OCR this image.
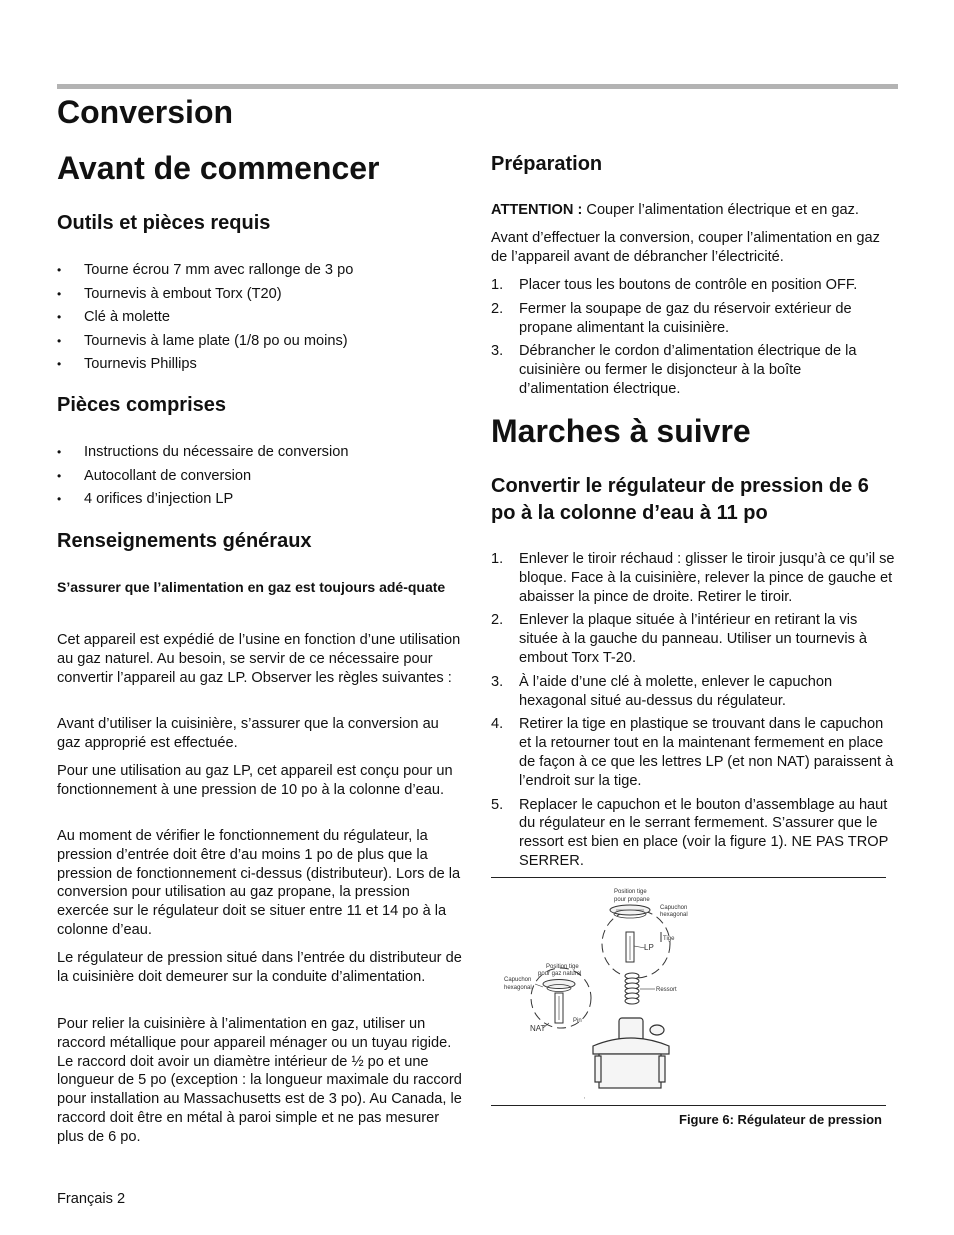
Conversion
Avant de commencer
Outils et pièces requis
• Tourne écrou 7 mm avec rallonge de 3 po
• Tournevis à embout Torx (T20)
• Clé à molette
• Tournevis à lame plate (1/8 po ou moins)
• Tournevis Phillips
Pièces comprises
• Instructions du nécessaire de conversion
• Autocollant de conversion
• 4 orifices d’injection LP
Renseignements généraux
S’assurer que l’alimentation en gaz est toujours adé-quate

Cet appareil est expédié de l’usine en fonction d’une utilisation au gaz naturel. Au besoin, se servir de ce nécessaire pour convertir l’appareil au gaz LP. Observer les règles suivantes :

Avant d’utiliser la cuisinière, s’assurer que la conversion au gaz approprié est effectuée.

Pour une utilisation au gaz LP, cet appareil est conçu pour un fonctionnement à une pression de 10 po à la colonne d’eau.

Au moment de vérifier le fonctionnement du régulateur, la pression d’entrée doit être d’au moins 1 po de plus que la pression de fonctionnement ci-dessus (distributeur). Lors de la conversion pour utilisation au gaz propane, la pression exercée sur le régulateur doit se situer entre 11 et 14 po à la colonne d’eau.

Le régulateur de pression situé dans l’entrée du distributeur de la cuisinière doit demeurer sur la conduite d’alimentation.

Pour relier la cuisinière à l’alimentation en gaz, utiliser un raccord métallique pour appareil ménager ou un tuyau rigide. Le raccord doit avoir un diamètre intérieur de ½ po et une longueur de 5 po (exception : la longueur maximale du raccord pour installation au Massachusetts est de 3 po). Au Canada, le raccord doit être en métal à paroi simple et ne pas mesurer plus de 6 po.

Préparation

ATTENTION : Couper l’alimentation électrique et en gaz.

Avant d’effectuer la conversion, couper l’alimentation en gaz de l’appareil avant de débrancher l’électricité.

1. Placer tous les boutons de contrôle en position OFF.
2. Fermer la soupape de gaz du réservoir extérieur de propane alimentant la cuisinière.
3. Débrancher le cordon d’alimentation électrique de la cuisinière ou fermer le disjoncteur à la boîte d’alimentation électrique.
Marches à suivre
Convertir le régulateur de pression de 6 po à la colonne d’eau à 11 po
1. Enlever le tiroir réchaud : glisser le tiroir jusqu’à ce qu’il se bloque. Face à la cuisinière, relever la pince de gauche et abaisser la pince de droite. Retirer le tiroir.
2. Enlever la plaque située à l’intérieur en retirant la vis située à la gauche du panneau. Utiliser un tournevis à embout Torx T-20.
3. À l’aide d’une clé à molette, enlever le capuchon hexagonal situé au-dessus du régulateur.
4. Retirer la tige en plastique se trouvant dans le capuchon et la retourner tout en la maintenant fermement en place de façon à ce que les lettres LP (et non NAT) paraissent à l’endroit sur la tige.
5. Replacer le capuchon et le bouton d’assemblage au haut du régulateur en le serrant fermement. S’assurer que le ressort est bien en place (voir la figure 1). NE PAS TROP SERRER.
Position tige
pour propane
Capuchon
hexagonal
Tige
LP
Position tige
pour gaz naturel
Capuchon
hexagonal
Pin
NAT
Ressort
,
Figure 6: Régulateur de pression
Français 2
